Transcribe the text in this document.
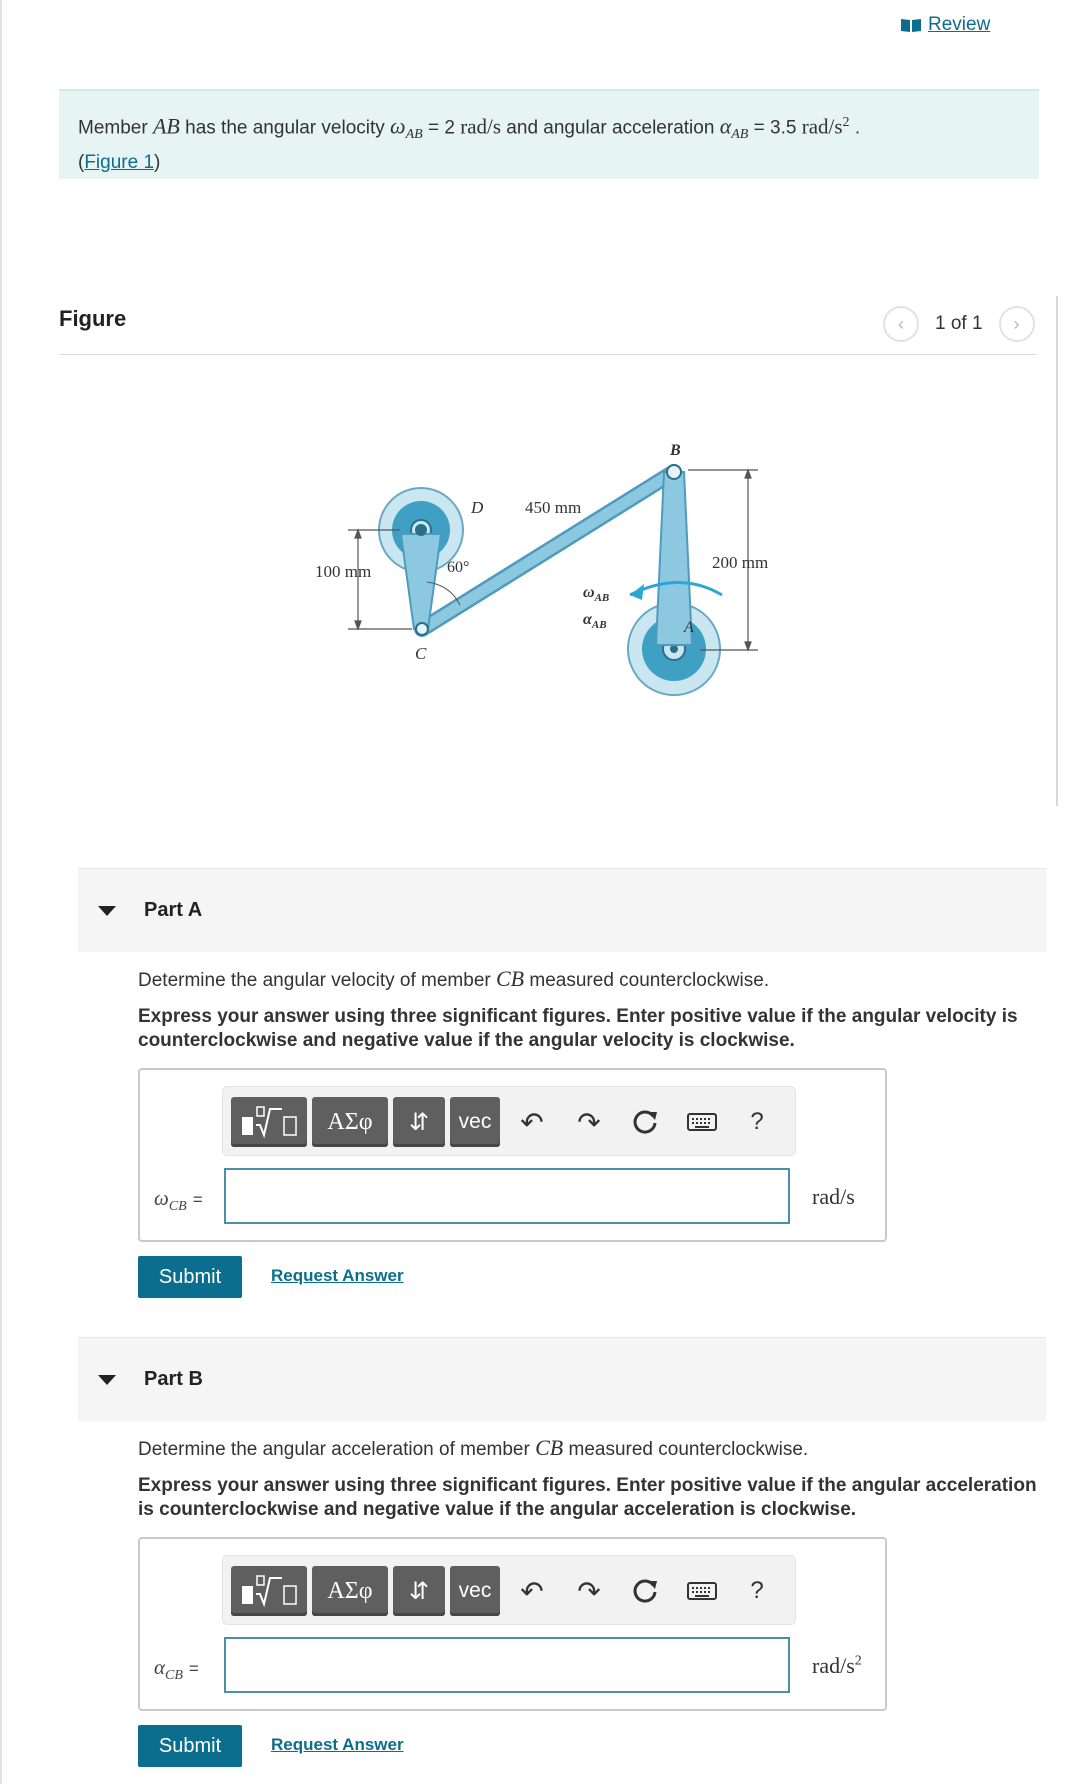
Review
Member AB has the angular velocity $\omega_{AB} = 2$ rad/s and angular acceleration $\alpha_{AB} = 3.5$ rad/$s^2$ .
(Figure 1)
Figure	‹ 1 of 1 ›
B
D
C
A
450 mm
200 mm
100 mm	60°
$\omega_{AB}$
$\alpha_{AB}$
Part A
Determine the angular velocity of member CB measured counterclockwise.
Express your answer using three significant figures. Enter positive value if the angular velocity is counterclockwise and negative value if the angular velocity is clockwise.
ΑΣφ	⇵	vec	↶ ↷	?
$\omega_{CB}$ =	rad/s
Submit	Request Answer
Part B
Determine the angular acceleration of member CB measured counterclockwise.
Express your answer using three significant figures. Enter positive value if the angular acceleration is counterclockwise and negative value if the angular acceleration is clockwise.
ΑΣφ	⇵	vec	↶ ↷	?
$\alpha_{CB}$ =	rad/$s^2$
Submit	Request Answer
